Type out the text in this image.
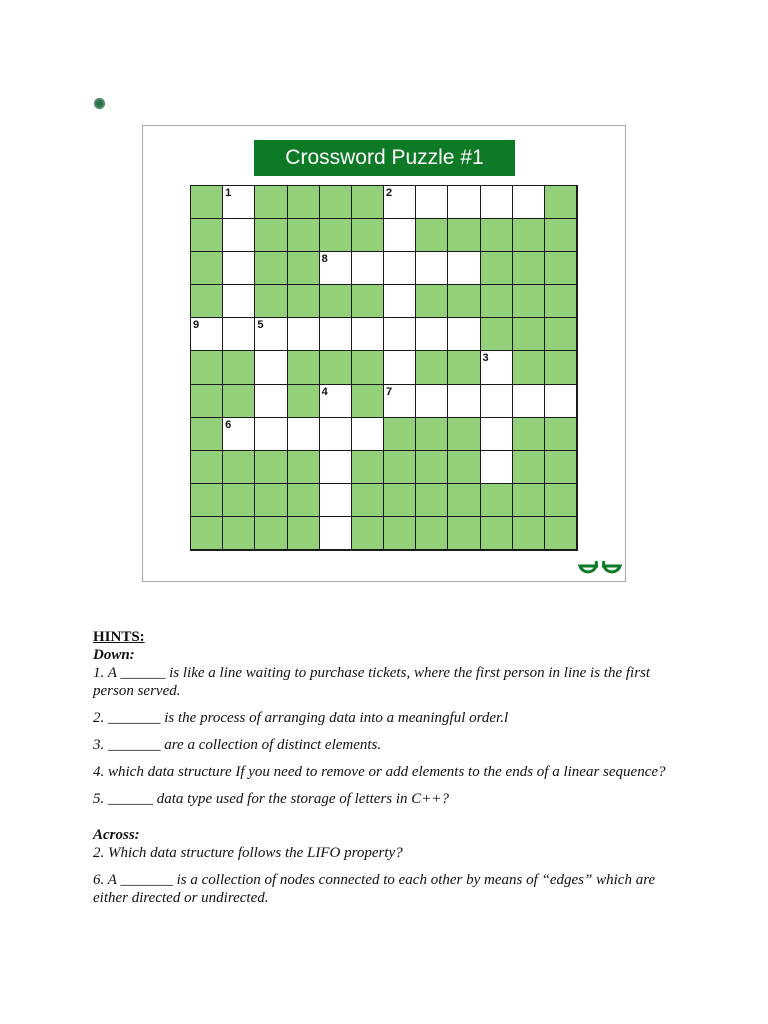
Crossword Puzzle #1
1	2
8
9	5
3
4	7
6
HINTS:
Down:
1. A ______ is like a line waiting to purchase tickets, where the first person in line is the first person served.
2. _______ is the process of arranging data into a meaningful order.l
3. _______ are a collection of distinct elements.
4. which data structure If you need to remove or add elements to the ends of a linear sequence?
5. ______ data type used for the storage of letters in C++?
Across:
2. Which data structure follows the LIFO property?
6. A _______ is a collection of nodes connected to each other by means of “edges” which are either directed or undirected.
